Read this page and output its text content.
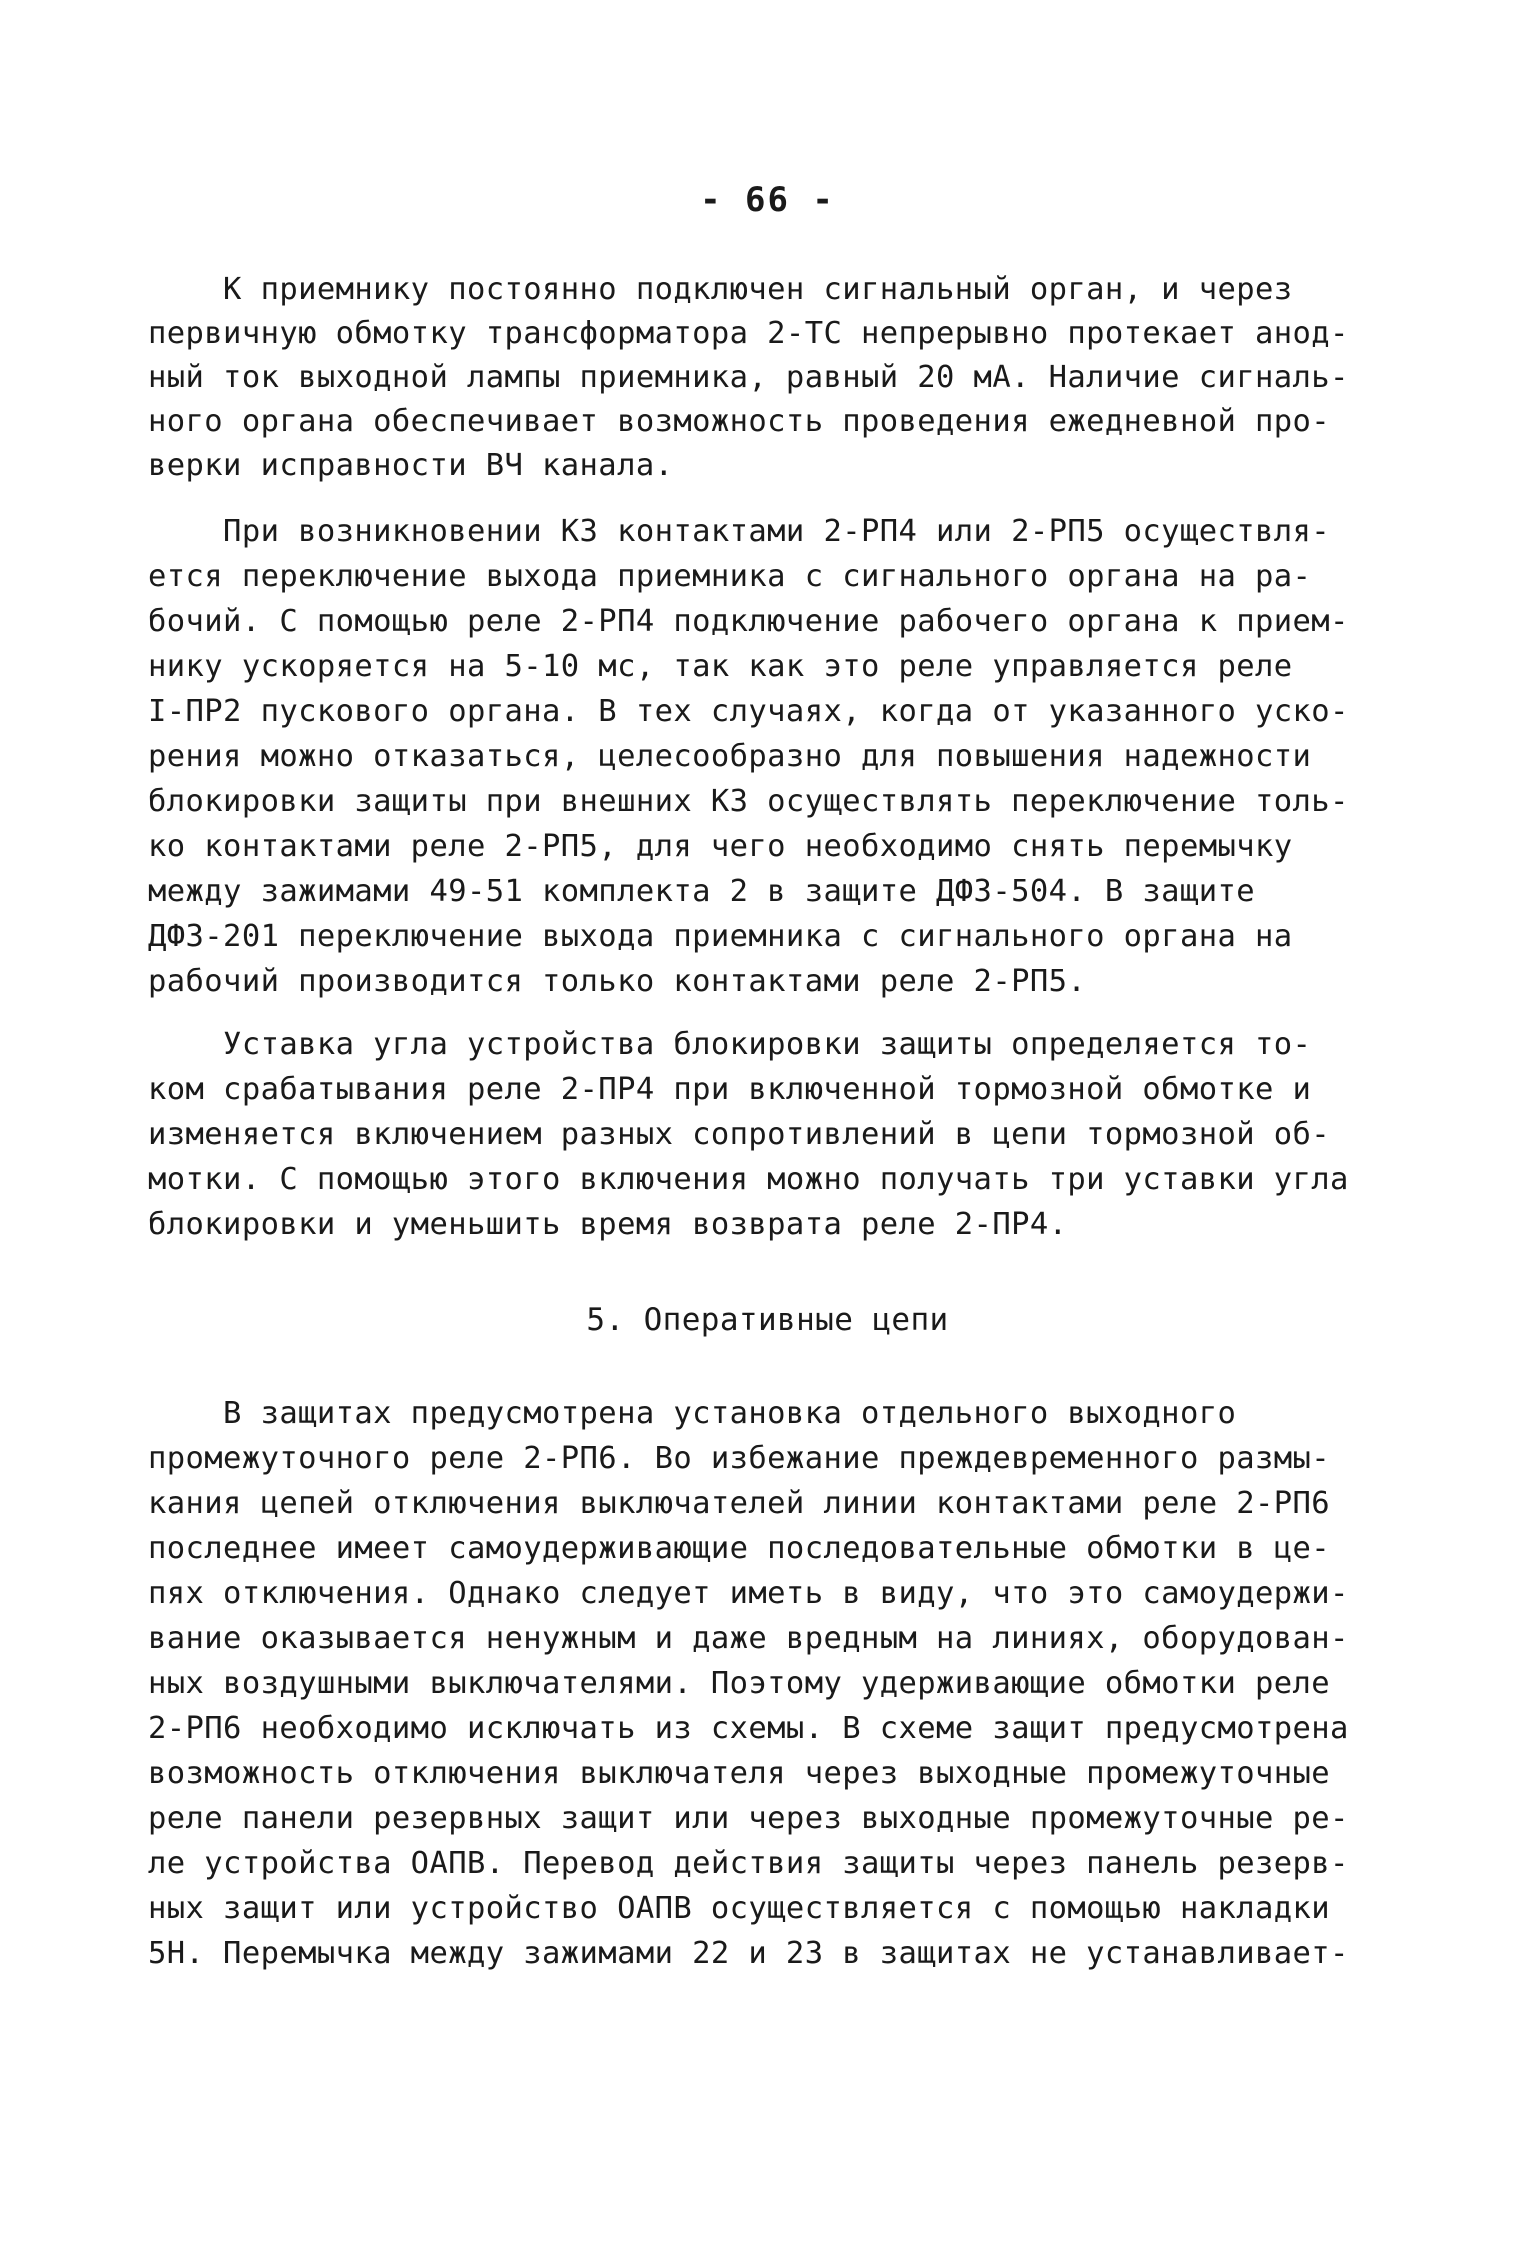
- 66 -
К приемнику постоянно подключен сигнальный орган, и через
первичную обмотку трансформатора 2-ТС непрерывно протекает анод-
ный ток выходной лампы приемника, равный 20 мА. Наличие сигналь-
ного органа обеспечивает возможность проведения ежедневной про-
верки исправности ВЧ канала.
При возникновении КЗ контактами 2-РП4 или 2-РП5 осуществля-
ется переключение выхода приемника с сигнального органа на ра-
бочий. С помощью реле 2-РП4 подключение рабочего органа к прием-
нику ускоряется на 5-10 мс, так как это реле управляется реле
I-ПР2 пускового органа. В тех случаях, когда от указанного уско-
рения можно отказаться, целесообразно для повышения надежности
блокировки защиты при внешних КЗ осуществлять переключение толь-
ко контактами реле 2-РП5, для чего необходимо снять перемычку
между зажимами 49-51 комплекта 2 в защите ДФЗ-504. В защите
ДФЗ-201 переключение выхода приемника с сигнального органа на
рабочий производится только контактами реле 2-РП5.
Уставка угла устройства блокировки защиты определяется то-
ком срабатывания реле 2-ПР4 при включенной тормозной обмотке и
изменяется включением разных сопротивлений в цепи тормозной об-
мотки. С помощью этого включения можно получать три уставки угла
блокировки и уменьшить время возврата реле 2-ПР4.
5. Оперативные цепи
В защитах предусмотрена установка отдельного выходного
промежуточного реле 2-РП6. Во избежание преждевременного размы-
кания цепей отключения выключателей линии контактами реле 2-РП6
последнее имеет самоудерживающие последовательные обмотки в це-
пях отключения. Однако следует иметь в виду, что это самоудержи-
вание оказывается ненужным и даже вредным на линиях, оборудован-
ных воздушными выключателями. Поэтому удерживающие обмотки реле
2-РП6 необходимо исключать из схемы. В схеме защит предусмотрена
возможность отключения выключателя через выходные промежуточные
реле панели резервных защит или через выходные промежуточные ре-
ле устройства ОАПВ. Перевод действия защиты через панель резерв-
ных защит или устройство ОАПВ осуществляется с помощью накладки
5Н. Перемычка между зажимами 22 и 23 в защитах не устанавливает-
